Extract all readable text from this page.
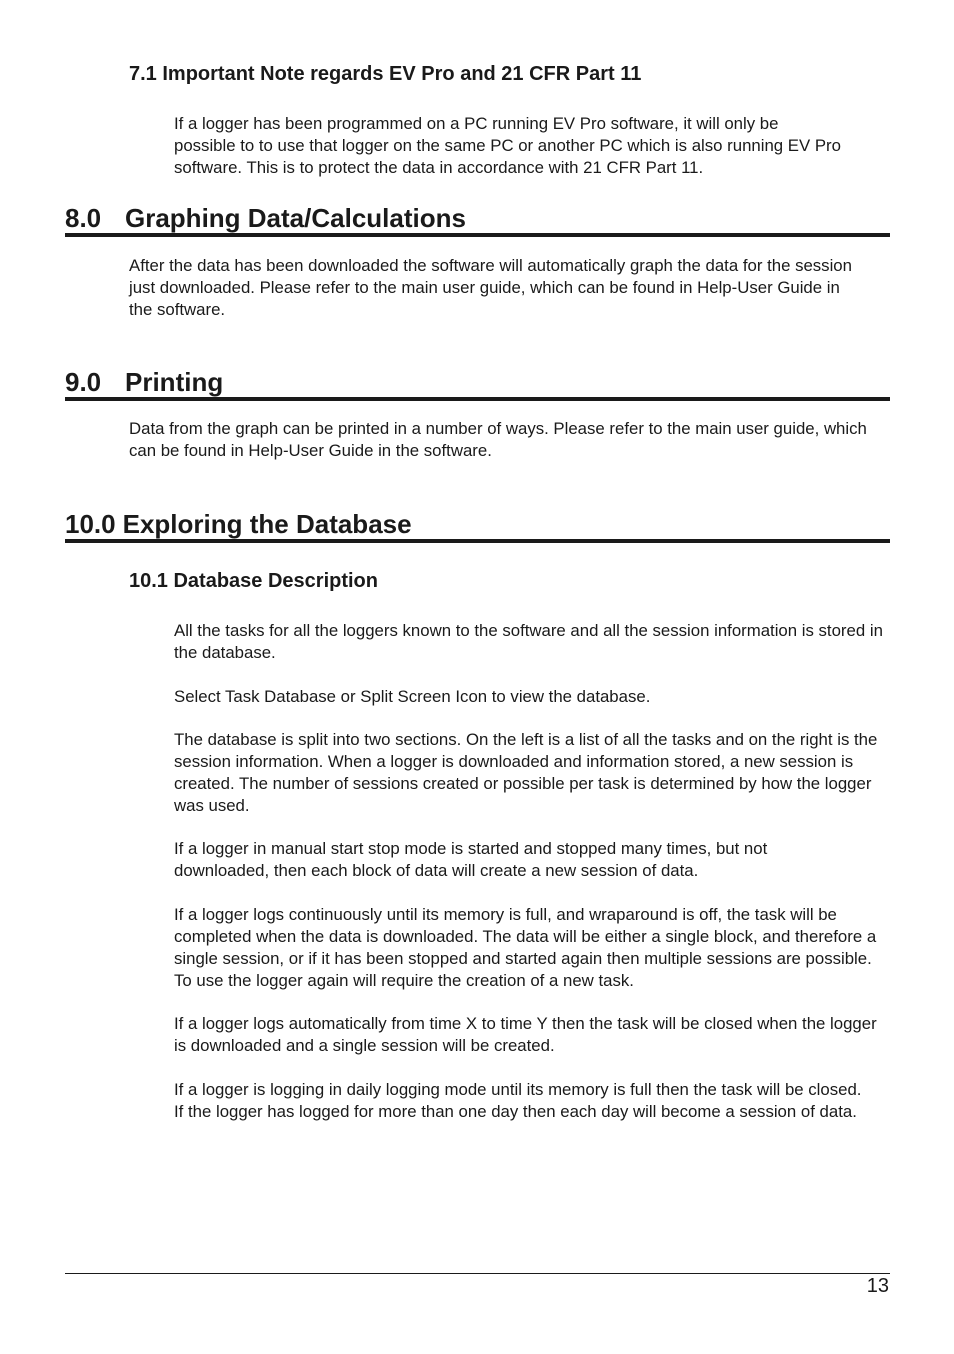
7.1 Important Note regards EV Pro and 21 CFR Part 11

If a logger has been programmed on a PC running EV Pro software, it will only be possible to to use that logger on the same PC or another PC which is also running EV Pro software. This is to protect the data in accordance with 21 CFR Part 11.

8.0 Graphing Data/Calculations

After the data has been downloaded the software will automatically graph the data for the session just downloaded. Please refer to the main user guide, which can be found in Help-User Guide in the software.

9.0 Printing

Data from the graph can be printed in a number of ways. Please refer to the main user guide, which can be found in Help-User Guide in the software.

10.0 Exploring the Database
10.1 Database Description

All the tasks for all the loggers known to the software and all the session information is stored in the database.

Select Task Database or Split Screen Icon to view the database.

The database is split into two sections. On the left is a list of all the tasks and on the right is the session information. When a logger is downloaded and information stored, a new session is created. The number of sessions created or possible per task is determined by how the logger was used.

If a logger in manual start stop mode is started and stopped many times, but not downloaded, then each block of data will create a new session of data.

If a logger logs continuously until its memory is full, and wraparound is off, the task will be completed when the data is downloaded. The data will be either a single block, and therefore a single session, or if it has been stopped and started again then multiple sessions are possible. To use the logger again will require the creation of a new task.

If a logger logs automatically from time X to time Y then the task will be closed when the logger is downloaded and a single session will be created.

If a logger is logging in daily logging mode until its memory is full then the task will be closed. If the logger has logged for more than one day then each day will become a session of data.

13
